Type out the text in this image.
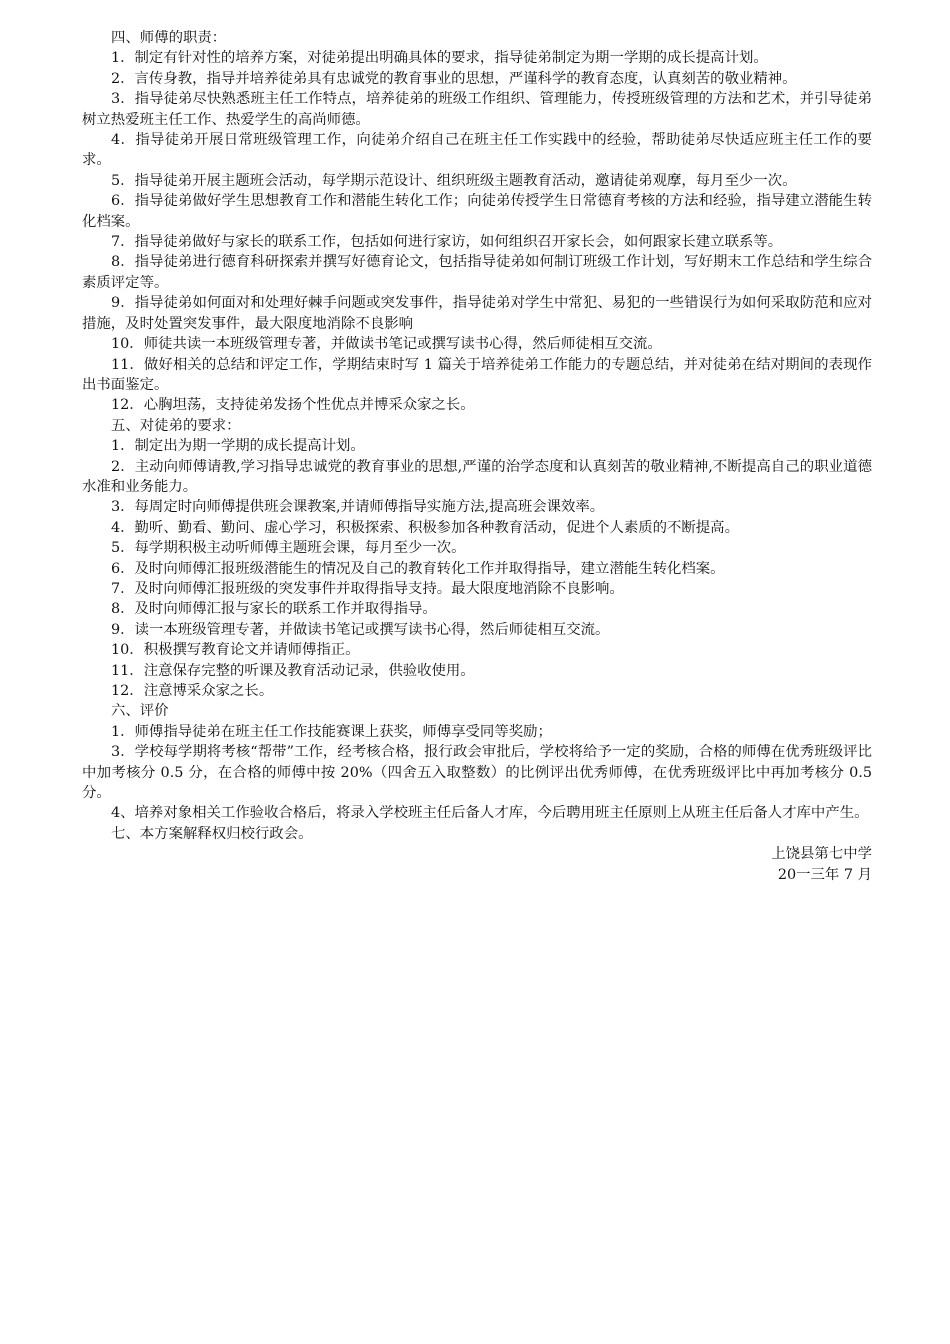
四、师傅的职责：

1．制定有针对性的培养方案，对徒弟提出明确具体的要求，指导徒弟制定为期一学期的成长提高计划。

2．言传身教，指导并培养徒弟具有忠诚党的教育事业的思想，严谨科学的教育态度，认真刻苦的敬业精神。

3．指导徒弟尽快熟悉班主任工作特点，培养徒弟的班级工作组织、管理能力，传授班级管理的方法和艺术，并引导徒弟树立热爱班主任工作、热爱学生的高尚师德。

4．指导徒弟开展日常班级管理工作，向徒弟介绍自己在班主任工作实践中的经验，帮助徒弟尽快适应班主任工作的要求。

5．指导徒弟开展主题班会活动，每学期示范设计、组织班级主题教育活动，邀请徒弟观摩，每月至少一次。

6．指导徒弟做好学生思想教育工作和潜能生转化工作；向徒弟传授学生日常德育考核的方法和经验，指导建立潜能生转化档案。

7．指导徒弟做好与家长的联系工作，包括如何进行家访，如何组织召开家长会，如何跟家长建立联系等。

8．指导徒弟进行德育科研探索并撰写好德育论文，包括指导徒弟如何制订班级工作计划，写好期末工作总结和学生综合素质评定等。

9．指导徒弟如何面对和处理好棘手问题或突发事件，指导徒弟对学生中常犯、易犯的一些错误行为如何采取防范和应对措施，及时处置突发事件，最大限度地消除不良影响

10．师徒共读一本班级管理专著，并做读书笔记或撰写读书心得，然后师徒相互交流。

11．做好相关的总结和评定工作，学期结束时写 1 篇关于培养徒弟工作能力的专题总结，并对徒弟在结对期间的表现作出书面鉴定。

12．心胸坦荡，支持徒弟发扬个性优点并博采众家之长。

五、对徒弟的要求：

1．制定出为期一学期的成长提高计划。

2．主动向师傅请教,学习指导忠诚党的教育事业的思想,严谨的治学态度和认真刻苦的敬业精神,不断提高自己的职业道德水准和业务能力。

3．每周定时向师傅提供班会课教案,并请师傅指导实施方法,提高班会课效率。

4．勤听、勤看、勤问、虚心学习，积极探索、积极参加各种教育活动，促进个人素质的不断提高。

5．每学期积极主动听师傅主题班会课，每月至少一次。

6．及时向师傅汇报班级潜能生的情况及自己的教育转化工作并取得指导，建立潜能生转化档案。

7．及时向师傅汇报班级的突发事件并取得指导支持。最大限度地消除不良影响。

8．及时向师傅汇报与家长的联系工作并取得指导。

9．读一本班级管理专著，并做读书笔记或撰写读书心得，然后师徒相互交流。

10．积极撰写教育论文并请师傅指正。

11．注意保存完整的听课及教育活动记录，供验收使用。

12．注意博采众家之长。

六、评价

1．师傅指导徒弟在班主任工作技能赛课上获奖，师傅享受同等奖励；

3．学校每学期将考核“帮带”工作，经考核合格，报行政会审批后，学校将给予一定的奖励，合格的师傅在优秀班级评比中加考核分 0.5 分，在合格的师傅中按 20%（四舍五入取整数）的比例评出优秀师傅，在优秀班级评比中再加考核分 0.5 分。

4、培养对象相关工作验收合格后，将录入学校班主任后备人才库，今后聘用班主任原则上从班主任后备人才库中产生。

七、本方案解释权归校行政会。

上饶县第七中学

20一三年 7 月
